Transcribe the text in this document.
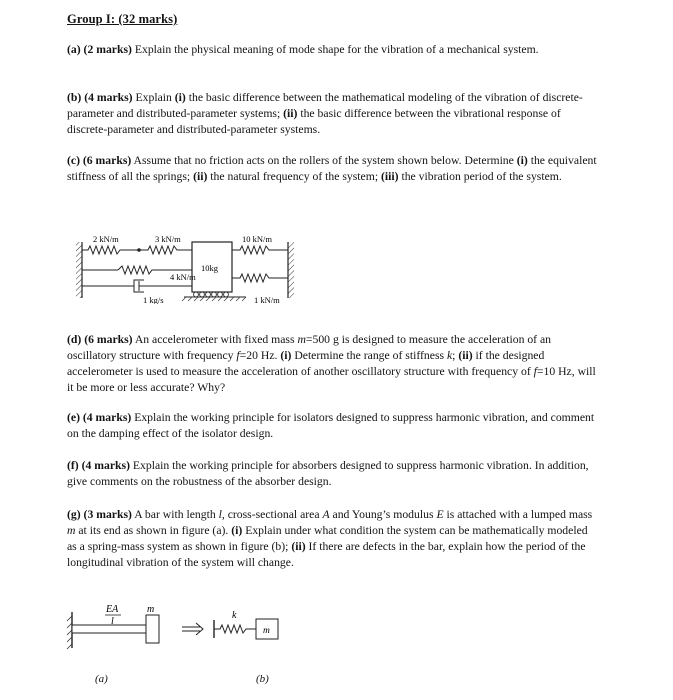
Group I: (32 marks)
(a) (2 marks) Explain the physical meaning of mode shape for the vibration of a mechanical system.
(b) (4 marks) Explain (i) the basic difference between the mathematical modeling of the vibration of discrete-parameter and distributed-parameter systems; (ii) the basic difference between the vibrational response of discrete-parameter and distributed-parameter systems.
(c) (6 marks) Assume that no friction acts on the rollers of the system shown below. Determine (i) the equivalent stiffness of all the springs; (ii) the natural frequency of the system; (iii) the vibration period of the system.
2 kN/m	3 kN/m	10 kN/m
4 kN/m
10kg
1 kg/s	1 kN/m
(d) (6 marks) An accelerometer with fixed mass m=500 g is designed to measure the acceleration of an oscillatory structure with frequency f=20 Hz. (i) Determine the range of stiffness k; (ii) if the designed accelerometer is used to measure the acceleration of another oscillatory structure with frequency of f=10 Hz, will it be more or less accurate? Why?
(e) (4 marks) Explain the working principle for isolators designed to suppress harmonic vibration, and comment on the damping effect of the isolator design.
(f) (4 marks) Explain the working principle for absorbers designed to suppress harmonic vibration. In addition, give comments on the robustness of the absorber design.
(g) (3 marks) A bar with length l, cross-sectional area A and Young’s modulus E is attached with a lumped mass m at its end as shown in figure (a). (i) Explain under what condition the system can be mathematically modeled as a spring-mass system as shown in figure (b); (ii) If there are defects in the bar, explain how the period of the longitudinal vibration of the system will change.
EA
l
m
k
m
(a)	(b)
